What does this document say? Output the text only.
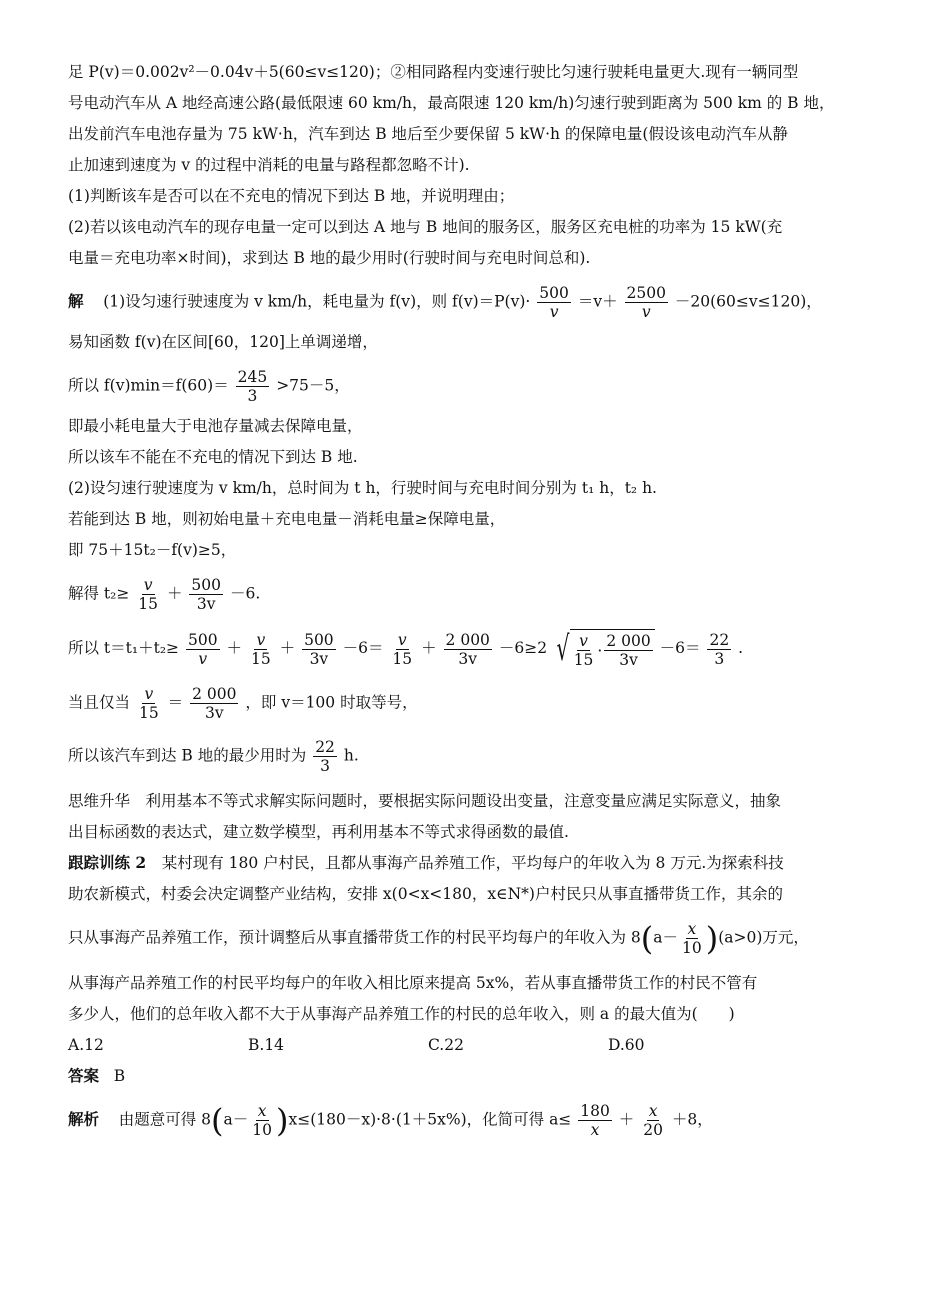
足 P(v)＝0.002v²－0.04v＋5(60≤v≤120)；②相同路程内变速行驶比匀速行驶耗电量更大.现有一辆同型

号电动汽车从 A 地经高速公路(最低限速 60 km/h，最高限速 120 km/h)匀速行驶到距离为 500 km 的 B 地，

出发前汽车电池存量为 75 kW·h，汽车到达 B 地后至少要保留 5 kW·h 的保障电量(假设该电动汽车从静

止加速到速度为 v 的过程中消耗的电量与路程都忽略不计).

(1)判断该车是否可以在不充电的情况下到达 B 地，并说明理由；

(2)若以该电动汽车的现存电量一定可以到达 A 地与 B 地间的服务区，服务区充电桩的功率为 15 kW(充

电量＝充电功率×时间)，求到达 B 地的最少用时(行驶时间与充电时间总和).

解 (1)设匀速行驶速度为 v km/h，耗电量为 f(v)，则 $f(v)=P(v)\cdot \frac{500}{v} =v+ \frac{2500}{v} -20(60\le v\le 120)$，

易知函数 f(v)在区间[60，120]上单调递增，

所以 $f(v)\min=f(60)= \frac{245}{3} >75-5$，

即最小耗电量大于电池存量减去保障电量，

所以该车不能在不充电的情况下到达 B 地.

(2)设匀速行驶速度为 v km/h，总时间为 t h，行驶时间与充电时间分别为 t₁ h，t₂ h.

若能到达 B 地，则初始电量＋充电电量－消耗电量≥保障电量，

即 75＋15t₂－f(v)≥5，

解得 $t_2\ge \frac{v}{15} + \frac{500}{3v} -6$.

所以 $t=t_1+t_2\ge \frac{500}{v} + \frac{v}{15} + \frac{500}{3v} -6= \frac{v}{15} + \frac{2 000}{3v} -6\ge 2$ √ $\frac{v}{15} \cdot \frac{2 000}{3v} -6= \frac{22}{3}$ .

当且仅当 $\frac{v}{15} = \frac{2 000}{3v}$ ，即 v＝100 时取等号，

所以该汽车到达 B 地的最少用时为 $\frac{22}{3} h$.

思维升华　利用基本不等式求解实际问题时，要根据实际问题设出变量，注意变量应满足实际意义，抽象

出目标函数的表达式，建立数学模型，再利用基本不等式求得函数的最值.

跟踪训练 2　某村现有 180 户村民，且都从事海产品养殖工作，平均每户的年收入为 8 万元.为探索科技

助农新模式，村委会决定调整产业结构，安排 x(0<x<180，x∈N*)户村民只从事直播带货工作，其余的

只从事海产品养殖工作，预计调整后从事直播带货工作的村民平均每户的年收入为 $8(a- \frac{x}{10} )(a>0)$万元，

从事海产品养殖工作的村民平均每户的年收入相比原来提高 5x%，若从事直播带货工作的村民不管有

多少人，他们的总年收入都不大于从事海产品养殖工作的村民的总年收入，则 a 的最大值为(　　)

A.12	B.14	C.22	D.60

答案 B

解析 由题意可得 $8(a- \frac{x}{10} )x\le(180-x)\cdot 8\cdot(1+5x\%)$，化简可得 $a\le \frac{180}{x} + \frac{x}{20} +8$，
